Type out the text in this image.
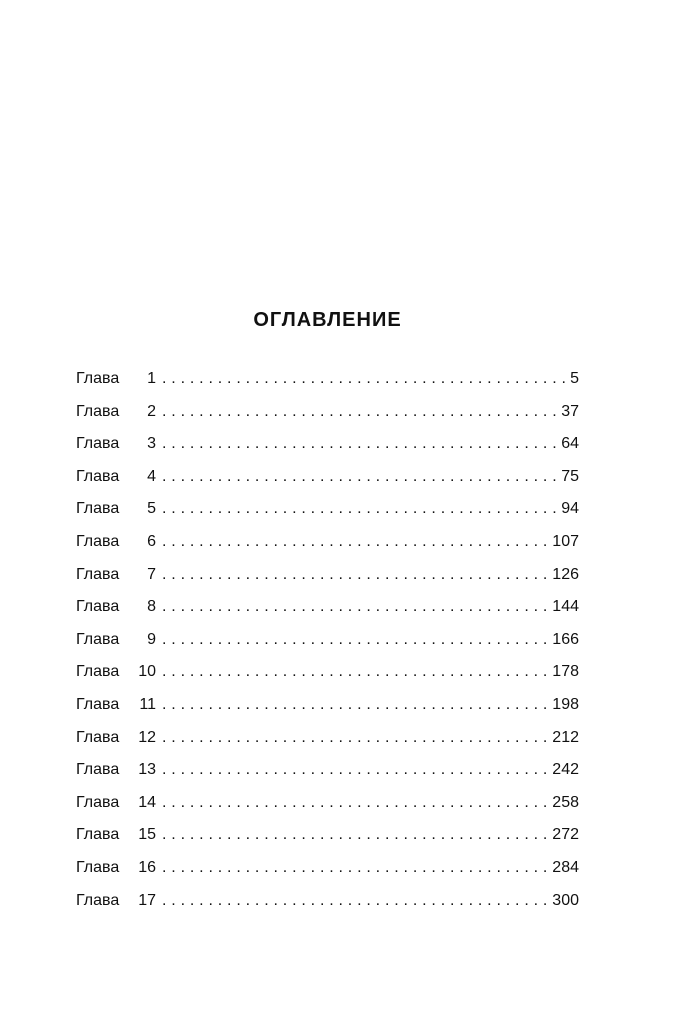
ОГЛАВЛЕНИЕ
Глава	1 . . .	5
Глава	2 . . .	37
Глава	3 . . .	64
Глава	4 . . .	75
Глава	5 . . .	94
Глава	6 . . .	107
Глава	7 . . .	126
Глава	8 . . .	144
Глава	9 . . .	166
Глава	10 . . .	178
Глава	11 . . .	198
Глава	12 . . .	212
Глава	13 . . .	242
Глава	14 . . .	258
Глава	15 . . .	272
Глава	16 . . .	284
Глава	17 . . .	300
